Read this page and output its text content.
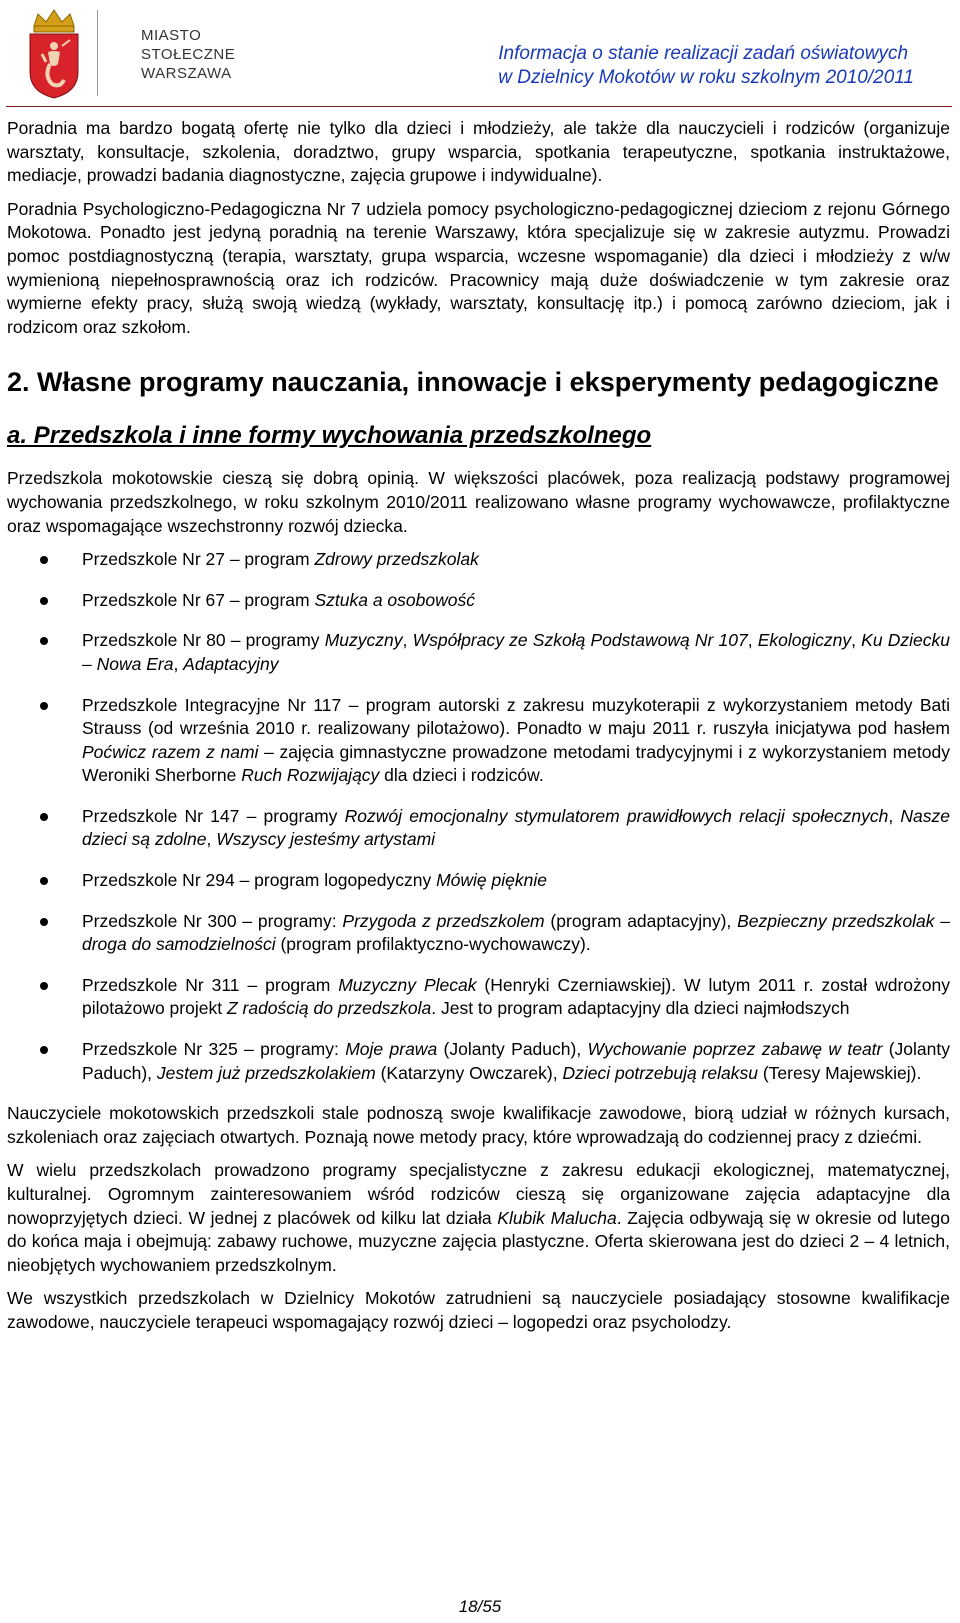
MIASTO
STOŁECZNE
WARSZAWA
Informacja o stanie realizacji zadań oświatowych
w Dzielnicy Mokotów w roku szkolnym 2010/2011

Poradnia ma bardzo bogatą ofertę nie tylko dla dzieci i młodzieży, ale także dla nauczycieli i rodziców (organizuje warsztaty, konsultacje, szkolenia, doradztwo, grupy wsparcia, spotkania terapeutyczne, spotkania instruktażowe, mediacje, prowadzi badania diagnostyczne, zajęcia grupowe i indywidualne).

Poradnia Psychologiczno-Pedagogiczna Nr 7 udziela pomocy psychologiczno-pedagogicznej dzieciom z rejonu Górnego Mokotowa. Ponadto jest jedyną poradnią na terenie Warszawy, która specjalizuje się w zakresie autyzmu. Prowadzi pomoc postdiagnostyczną (terapia, warsztaty, grupa wsparcia, wczesne wspomaganie) dla dzieci i młodzieży z w/w wymienioną niepełnosprawnością oraz ich rodziców. Pracownicy mają duże doświadczenie w tym zakresie oraz wymierne efekty pracy, służą swoją wiedzą (wykłady, warsztaty, konsultację itp.) i pomocą zarówno dzieciom, jak i rodzicom oraz szkołom.

2. Własne programy nauczania, innowacje i eksperymenty pedagogiczne
a. Przedszkola i inne formy wychowania przedszkolnego

Przedszkola mokotowskie cieszą się dobrą opinią. W większości placówek, poza realizacją podstawy programowej wychowania przedszkolnego, w roku szkolnym 2010/2011 realizowano własne programy wychowawcze, profilaktyczne oraz wspomagające wszechstronny rozwój dziecka.

Przedszkole Nr 27 – program Zdrowy przedszkolak
Przedszkole Nr 67 – program Sztuka a osobowość
Przedszkole Nr 80 – programy Muzyczny, Współpracy ze Szkołą Podstawową Nr 107, Ekologiczny, Ku Dziecku – Nowa Era, Adaptacyjny
Przedszkole Integracyjne Nr 117 – program autorski z zakresu muzykoterapii z wykorzystaniem metody Bati Strauss (od września 2010 r. realizowany pilotażowo). Ponadto w maju 2011 r. ruszyła inicjatywa pod hasłem Poćwicz razem z nami – zajęcia gimnastyczne prowadzone metodami tradycyjnymi i z wykorzystaniem metody Weroniki Sherborne Ruch Rozwijający dla dzieci i rodziców.
Przedszkole Nr 147 – programy Rozwój emocjonalny stymulatorem prawidłowych relacji społecznych, Nasze dzieci są zdolne, Wszyscy jesteśmy artystami
Przedszkole Nr 294 – program logopedyczny Mówię pięknie
Przedszkole Nr 300 – programy: Przygoda z przedszkolem (program adaptacyjny), Bezpieczny przedszkolak – droga do samodzielności (program profilaktyczno-wychowawczy).
Przedszkole Nr 311 – program Muzyczny Plecak (Henryki Czerniawskiej). W lutym 2011 r. został wdrożony pilotażowo projekt Z radością do przedszkola. Jest to program adaptacyjny dla dzieci najmłodszych
Przedszkole Nr 325 – programy: Moje prawa (Jolanty Paduch), Wychowanie poprzez zabawę w teatr (Jolanty Paduch), Jestem już przedszkolakiem (Katarzyny Owczarek), Dzieci potrzebują relaksu (Teresy Majewskiej).

Nauczyciele mokotowskich przedszkoli stale podnoszą swoje kwalifikacje zawodowe, biorą udział w różnych kursach, szkoleniach oraz zajęciach otwartych. Poznają nowe metody pracy, które wprowadzają do codziennej pracy z dziećmi.

W wielu przedszkolach prowadzono programy specjalistyczne z zakresu edukacji ekologicznej, matematycznej, kulturalnej. Ogromnym zainteresowaniem wśród rodziców cieszą się organizowane zajęcia adaptacyjne dla nowoprzyjętych dzieci. W jednej z placówek od kilku lat działa Klubik Malucha. Zajęcia odbywają się w okresie od lutego do końca maja i obejmują: zabawy ruchowe, muzyczne zajęcia plastyczne. Oferta skierowana jest do dzieci 2 – 4 letnich, nieobjętych wychowaniem przedszkolnym.

We wszystkich przedszkolach w Dzielnicy Mokotów zatrudnieni są nauczyciele posiadający stosowne kwalifikacje zawodowe, nauczyciele terapeuci wspomagający rozwój dzieci – logopedzi oraz psycholodzy.

18/55
